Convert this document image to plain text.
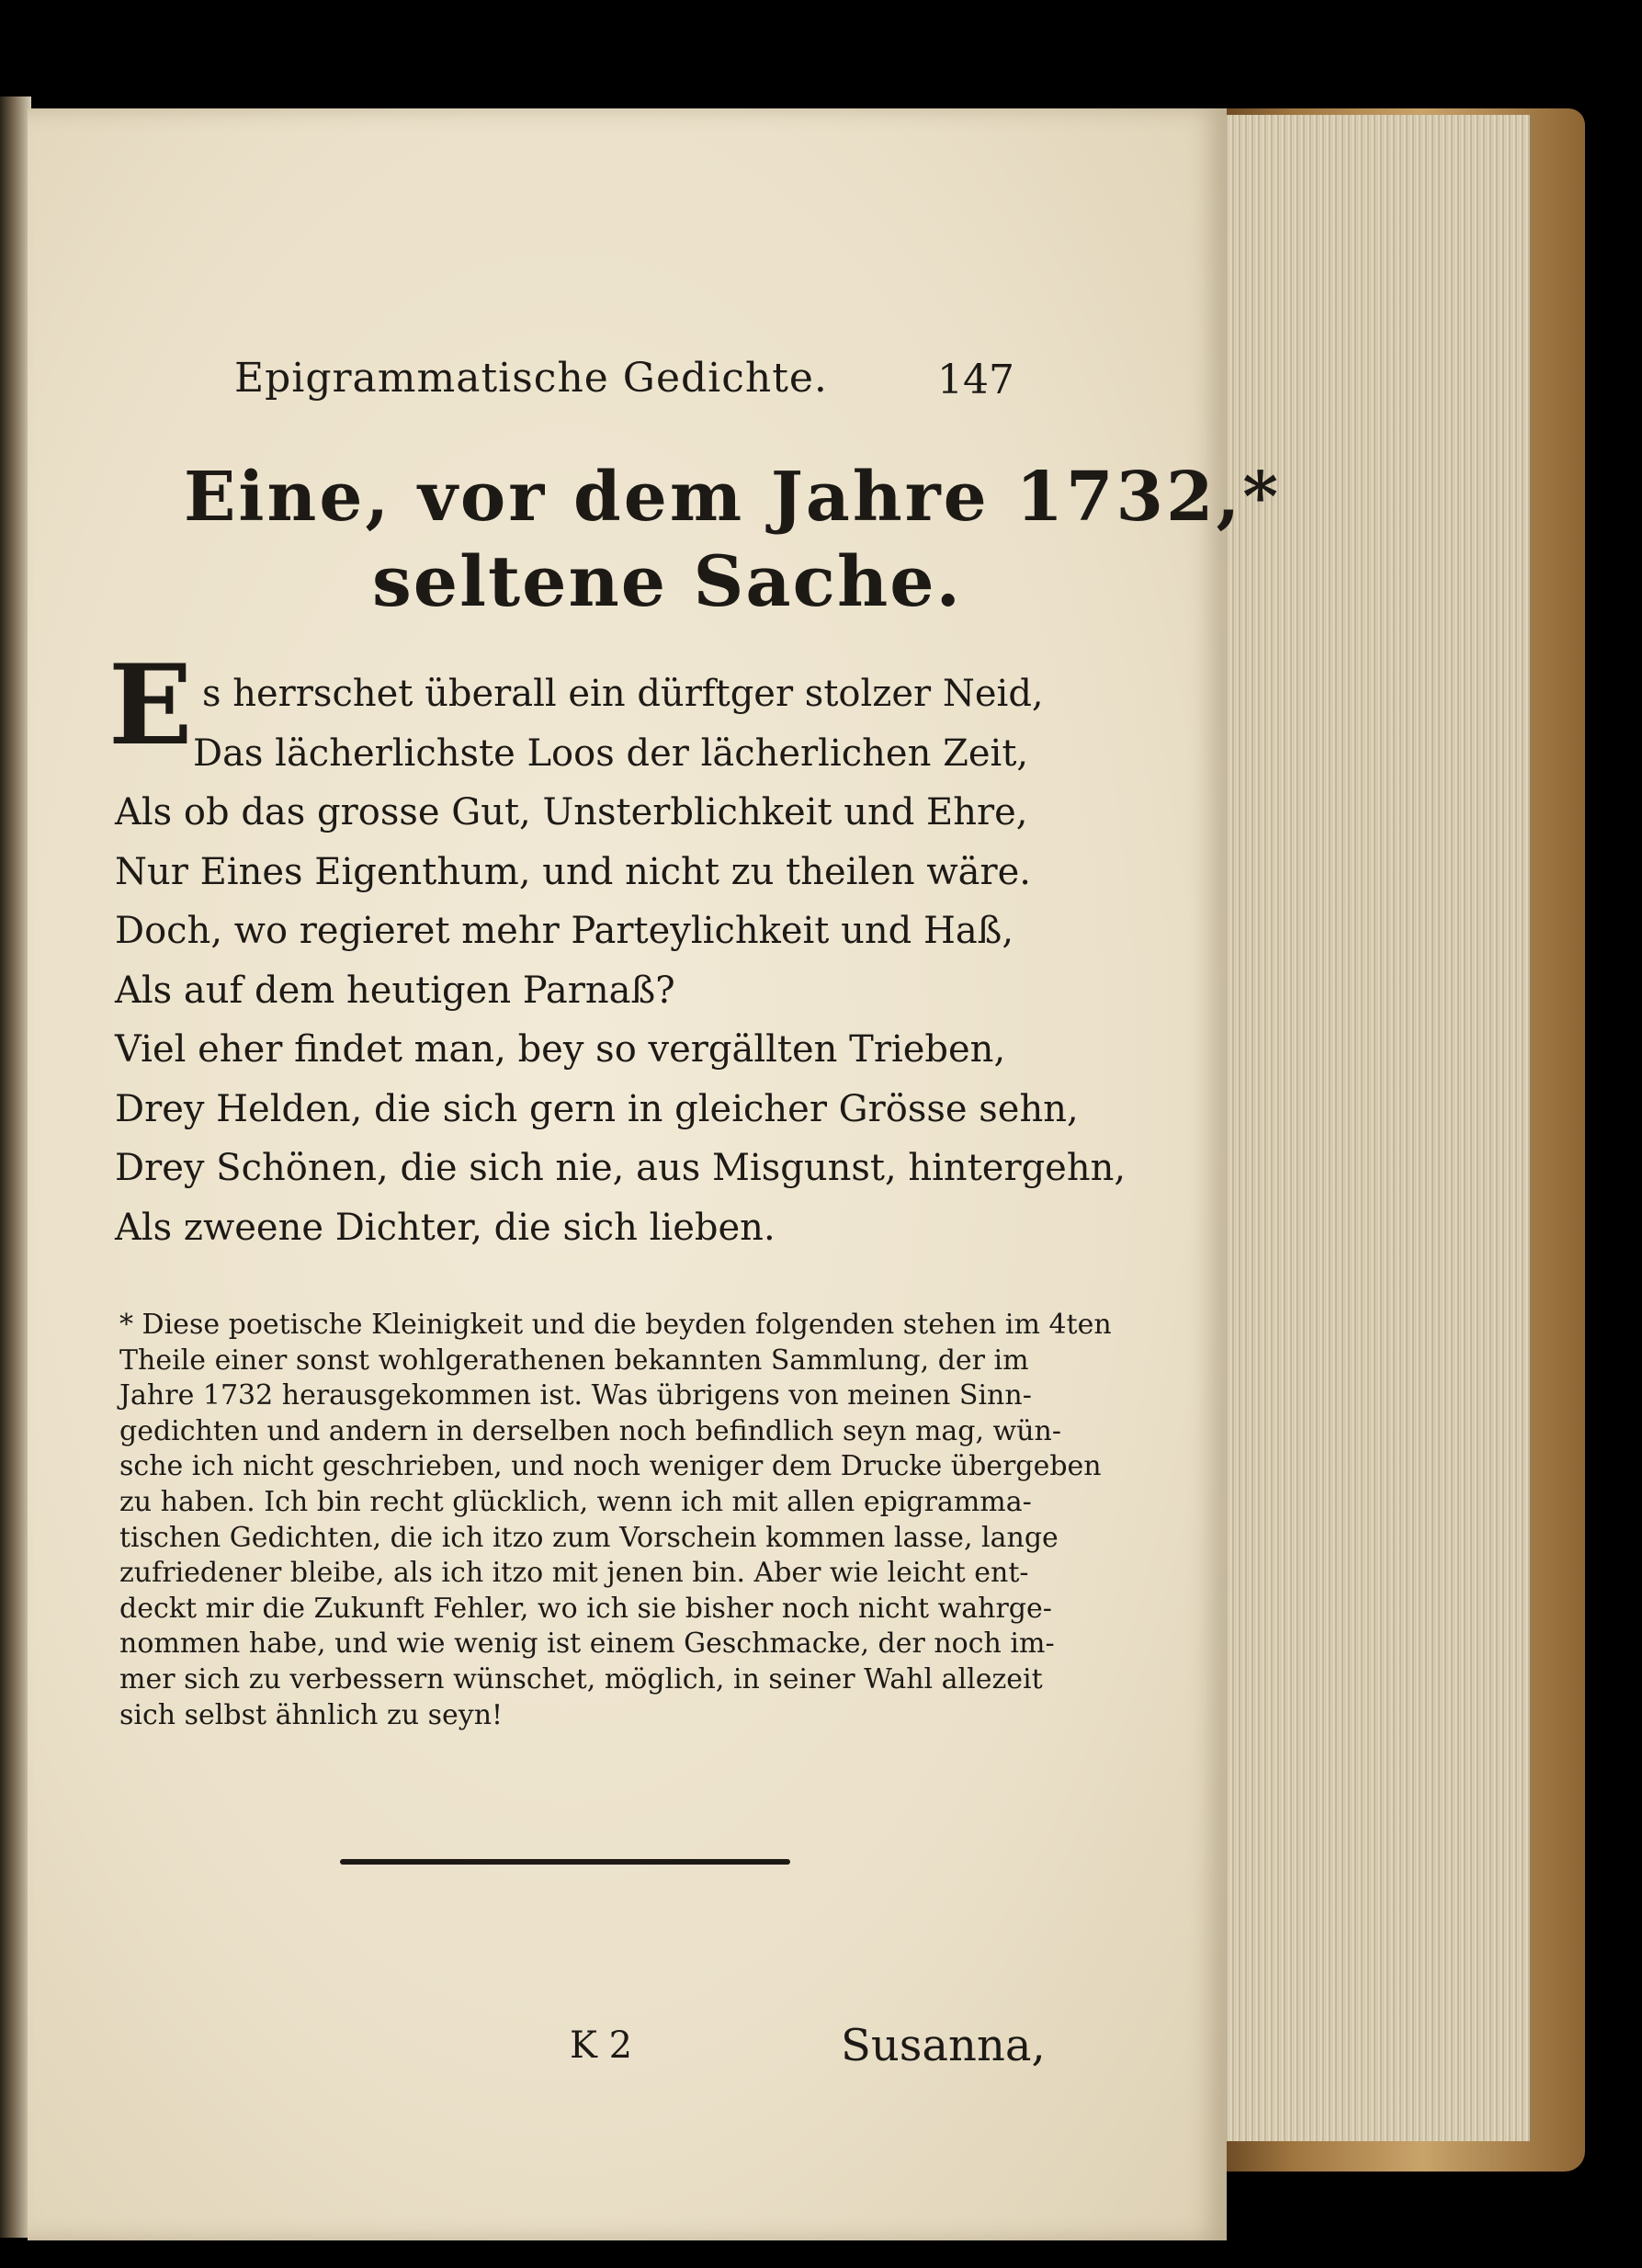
Epigrammatische Gedichte.	147
Eine, vor dem Jahre 1732,*
seltene Sache.
E s herrschet überall ein dürftger stolzer Neid,
Das lächerlichste Loos der lächerlichen Zeit,
Als ob das grosse Gut, Unsterblichkeit und Ehre,
Nur Eines Eigenthum, und nicht zu theilen wäre.
Doch, wo regieret mehr Parteylichkeit und Haß,
Als auf dem heutigen Parnaß?
Viel eher findet man, bey so vergällten Trieben,
Drey Helden, die sich gern in gleicher Grösse sehn,
Drey Schönen, die sich nie, aus Misgunst, hintergehn,
Als zweene Dichter, die sich lieben.
* Diese poetische Kleinigkeit und die beyden folgenden stehen im 4ten
Theile einer sonst wohlgerathenen bekannten Sammlung, der im
Jahre 1732 herausgekommen ist. Was übrigens von meinen Sinn-
gedichten und andern in derselben noch befindlich seyn mag, wün-
sche ich nicht geschrieben, und noch weniger dem Drucke übergeben
zu haben. Ich bin recht glücklich, wenn ich mit allen epigramma-
tischen Gedichten, die ich itzo zum Vorschein kommen lasse, lange
zufriedener bleibe, als ich itzo mit jenen bin. Aber wie leicht ent-
deckt mir die Zukunft Fehler, wo ich sie bisher noch nicht wahrge-
nommen habe, und wie wenig ist einem Geschmacke, der noch im-
mer sich zu verbessern wünschet, möglich, in seiner Wahl allezeit
sich selbst ähnlich zu seyn!
K 2	Susanna,
